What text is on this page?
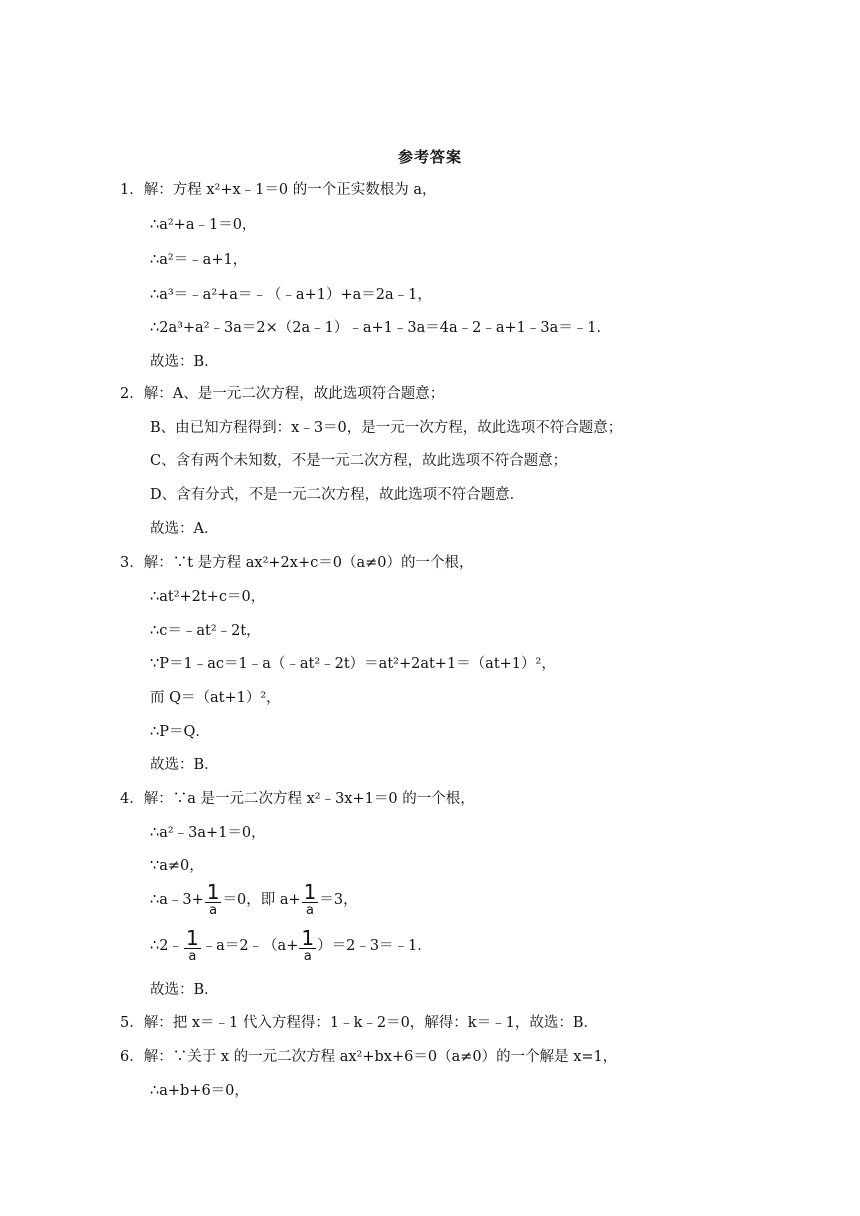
参考答案
1．解：方程 x²+x﹣1＝0 的一个正实数根为 a，
∴a²+a﹣1＝0，
∴a²＝﹣a+1，
∴a³＝﹣a²+a＝﹣（﹣a+1）+a＝2a﹣1，
∴2a³+a²﹣3a＝2×（2a﹣1）﹣a+1﹣3a＝4a﹣2﹣a+1﹣3a＝﹣1．
故选：B．
2．解：A、是一元二次方程，故此选项符合题意；
B、由已知方程得到：x﹣3＝0，是一元一次方程，故此选项不符合题意；
C、含有两个未知数，不是一元二次方程，故此选项不符合题意；
D、含有分式，不是一元二次方程，故此选项不符合题意．
故选：A．
3．解：∵t 是方程 ax²+2x+c＝0（a≠0）的一个根，
∴at²+2t+c＝0，
∴c＝﹣at²﹣2t，
∵P＝1﹣ac＝1﹣a（﹣at²﹣2t）＝at²+2at+1＝（at+1）²，
而 Q＝（at+1）²，
∴P＝Q．
故选：B．
4．解：∵a 是一元二次方程 x²﹣3x+1＝0 的一个根，
∴a²﹣3a+1＝0，
∵a≠0，
∴a﹣3+ $\frac{1}{a} =0$，即 $a+ \frac{1}{a} =3$，
∴2﹣ $\frac{1}{a}$ ﹣a＝2﹣（a+ $\frac{1}{a}$ ）＝2﹣3＝﹣1．
故选：B．
5．解：把 x＝﹣1 代入方程得：1﹣k﹣2＝0，解得：k＝﹣1，故选：B．
6．解：∵关于 x 的一元二次方程 ax²+bx+6＝0（a≠0）的一个解是 x=1，
∴a+b+6＝0，
